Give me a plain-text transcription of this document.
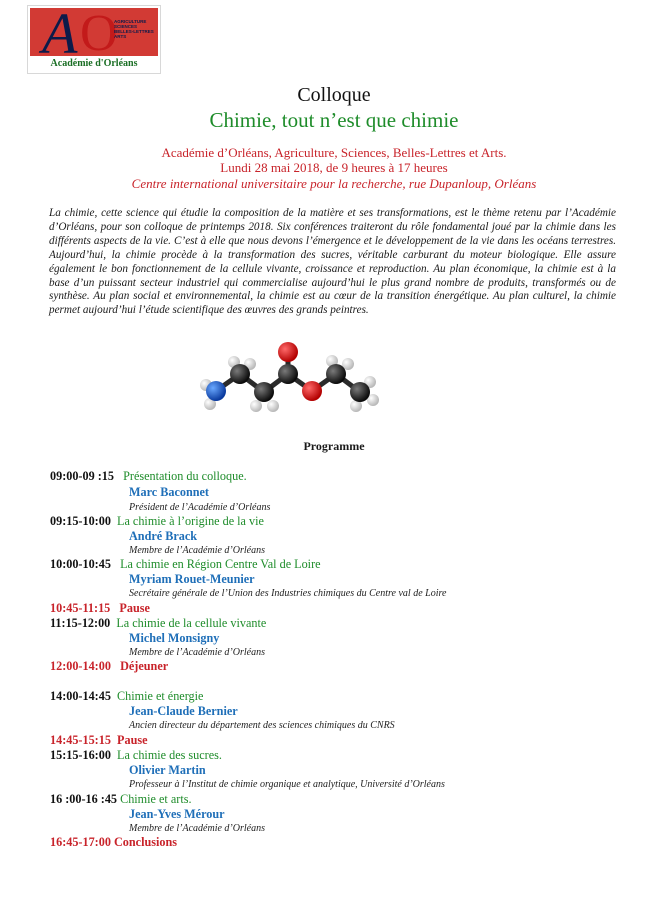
A O
AGRICULTURE
SCIENCES
BELLES-LETTRES
ARTS
Académie d'Orléans
Colloque
Chimie, tout n’est que chimie
Académie d’Orléans, Agriculture, Sciences, Belles-Lettres et Arts.
Lundi 28 mai 2018, de 9 heures à 17 heures
Centre international universitaire pour la recherche, rue Dupanloup, Orléans
La chimie, cette science qui étudie la composition de la matière et ses transformations, est le thème retenu par l’Académie d’Orléans, pour son colloque de printemps 2018. Six conférences traiteront du rôle fondamental joué par la chimie dans les différents aspects de la vie. C’est à elle que nous devons l’émergence et le développement de la vie dans les océans terrestres. Aujourd’hui, la chimie procède à la transformation des sucres, véritable carburant du moteur biologique. Elle assure également le bon fonctionnement de la cellule vivante, croissance et reproduction. Au plan économique, la chimie est à la base d’un puissant secteur industriel qui commercialise aujourd’hui le plus grand nombre de produits, transformés ou de synthèse. Au plan social et environnemental, la chimie est au cœur de la transition énergétique. Au plan culturel, la chimie permet aujourd’hui l’étude scientifique des œuvres des grands peintres.
Programme
09:00-09 :15 Présentation du colloque.
Marc Baconnet
Président de l’Académie d’Orléans
09:15-10:00 La chimie à l’origine de la vie
André Brack
Membre de l’Académie d’Orléans
10:00-10:45 La chimie en Région Centre Val de Loire
Myriam Rouet-Meunier
Secrétaire générale de l’Union des Industries chimiques du Centre val de Loire
10:45-11:15 Pause
11:15-12:00 La chimie de la cellule vivante
Michel Monsigny
Membre de l’Académie d’Orléans
12:00-14:00 Déjeuner
14:00-14:45 Chimie et énergie
Jean-Claude Bernier
Ancien directeur du département des sciences chimiques du CNRS
14:45-15:15 Pause
15:15-16:00 La chimie des sucres.
Olivier Martin
Professeur à l’Institut de chimie organique et analytique, Université d’Orléans
16 :00-16 :45 Chimie et arts.
Jean-Yves Mérour
Membre de l’Académie d’Orléans
16:45-17:00 Conclusions
